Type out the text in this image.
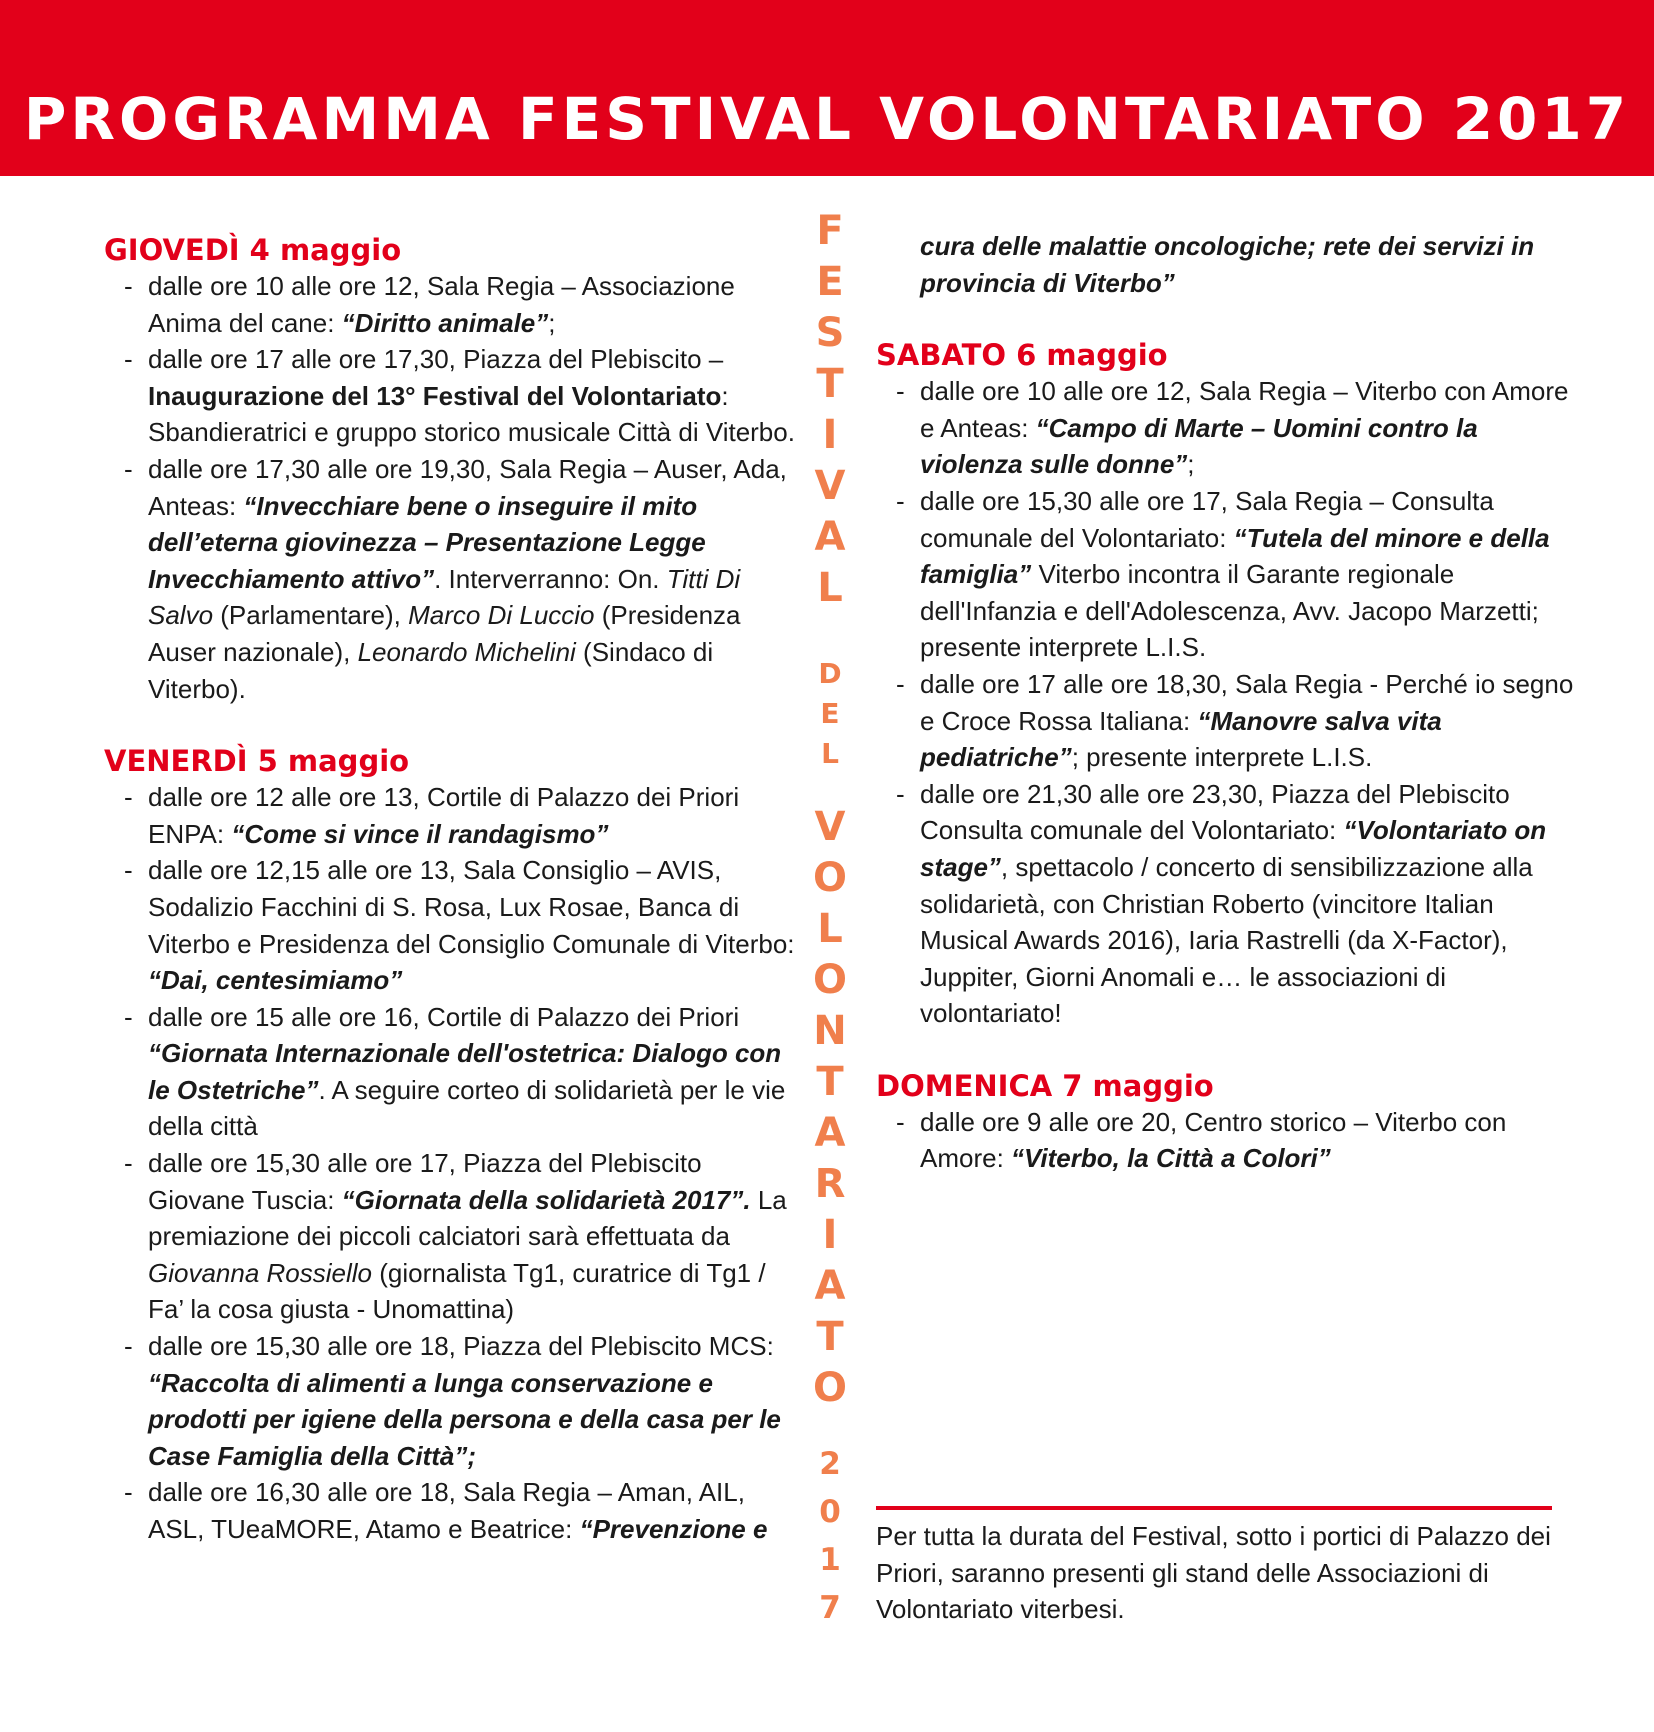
PROGRAMMA FESTIVAL VOLONTARIATO 2017
GIOVEDÌ 4 maggio
- dalle ore 10 alle ore 12, Sala Regia – Associazione Anima del cane: “Diritto animale”;
- dalle ore 17 alle ore 17,30, Piazza del Plebiscito – Inaugurazione del 13° Festival del Volontariato: Sbandieratrici e gruppo storico musicale Città di Viterbo.
- dalle ore 17,30 alle ore 19,30, Sala Regia – Auser, Ada, Anteas: “Invecchiare bene o inseguire il mito dell’eterna giovinezza – Presentazione Legge Invecchiamento attivo”. Interverranno: On. Titti Di Salvo (Parlamentare), Marco Di Luccio (Presidenza Auser nazionale), Leonardo Michelini (Sindaco di Viterbo).
VENERDÌ 5 maggio
- dalle ore 12 alle ore 13, Cortile di Palazzo dei Priori ENPA: “Come si vince il randagismo”
- dalle ore 12,15 alle ore 13, Sala Consiglio – AVIS, Sodalizio Facchini di S. Rosa, Lux Rosae, Banca di Viterbo e Presidenza del Consiglio Comunale di Viterbo: “Dai, centesimiamo”
- dalle ore 15 alle ore 16, Cortile di Palazzo dei Priori “Giornata Internazionale dell'ostetrica: Dialogo con le Ostetriche”. A seguire corteo di solidarietà per le vie della città
- dalle ore 15,30 alle ore 17, Piazza del Plebiscito Giovane Tuscia: “Giornata della solidarietà 2017”. La premiazione dei piccoli calciatori sarà effettuata da Giovanna Rossiello (giornalista Tg1, curatrice di Tg1 / Fa’ la cosa giusta - Unomattina)
- dalle ore 15,30 alle ore 18, Piazza del Plebiscito MCS: “Raccolta di alimenti a lunga conservazione e prodotti per igiene della persona e della casa per le Case Famiglia della Città”;
- dalle ore 16,30 alle ore 18, Sala Regia – Aman, AIL, ASL, TUeaMORE, Atamo e Beatrice: “Prevenzione e
F
E
S
T
I
V
A
L
D
E
L
V
O
L
O
N
T
A
R
I
A
T
O
2
0
1
7
cura delle malattie oncologiche; rete dei servizi in provincia di Viterbo”
SABATO 6 maggio
- dalle ore 10 alle ore 12, Sala Regia – Viterbo con Amore e Anteas: “Campo di Marte – Uomini contro la violenza sulle donne”;
- dalle ore 15,30 alle ore 17, Sala Regia – Consulta comunale del Volontariato: “Tutela del minore e della famiglia” Viterbo incontra il Garante regionale dell'Infanzia e dell'Adolescenza, Avv. Jacopo Marzetti; presente interprete L.I.S.
- dalle ore 17 alle ore 18,30, Sala Regia - Perché io segno e Croce Rossa Italiana: “Manovre salva vita pediatriche”; presente interprete L.I.S.
- dalle ore 21,30 alle ore 23,30, Piazza del Plebiscito Consulta comunale del Volontariato: “Volontariato on stage”, spettacolo / concerto di sensibilizzazione alla solidarietà, con Christian Roberto (vincitore Italian Musical Awards 2016), Iaria Rastrelli (da X-Factor), Juppiter, Giorni Anomali e… le associazioni di volontariato!
DOMENICA 7 maggio
- dalle ore 9 alle ore 20, Centro storico – Viterbo con Amore: “Viterbo, la Città a Colori”
Per tutta la durata del Festival, sotto i portici di Palazzo dei Priori, saranno presenti gli stand delle Associazioni di Volontariato viterbesi.
